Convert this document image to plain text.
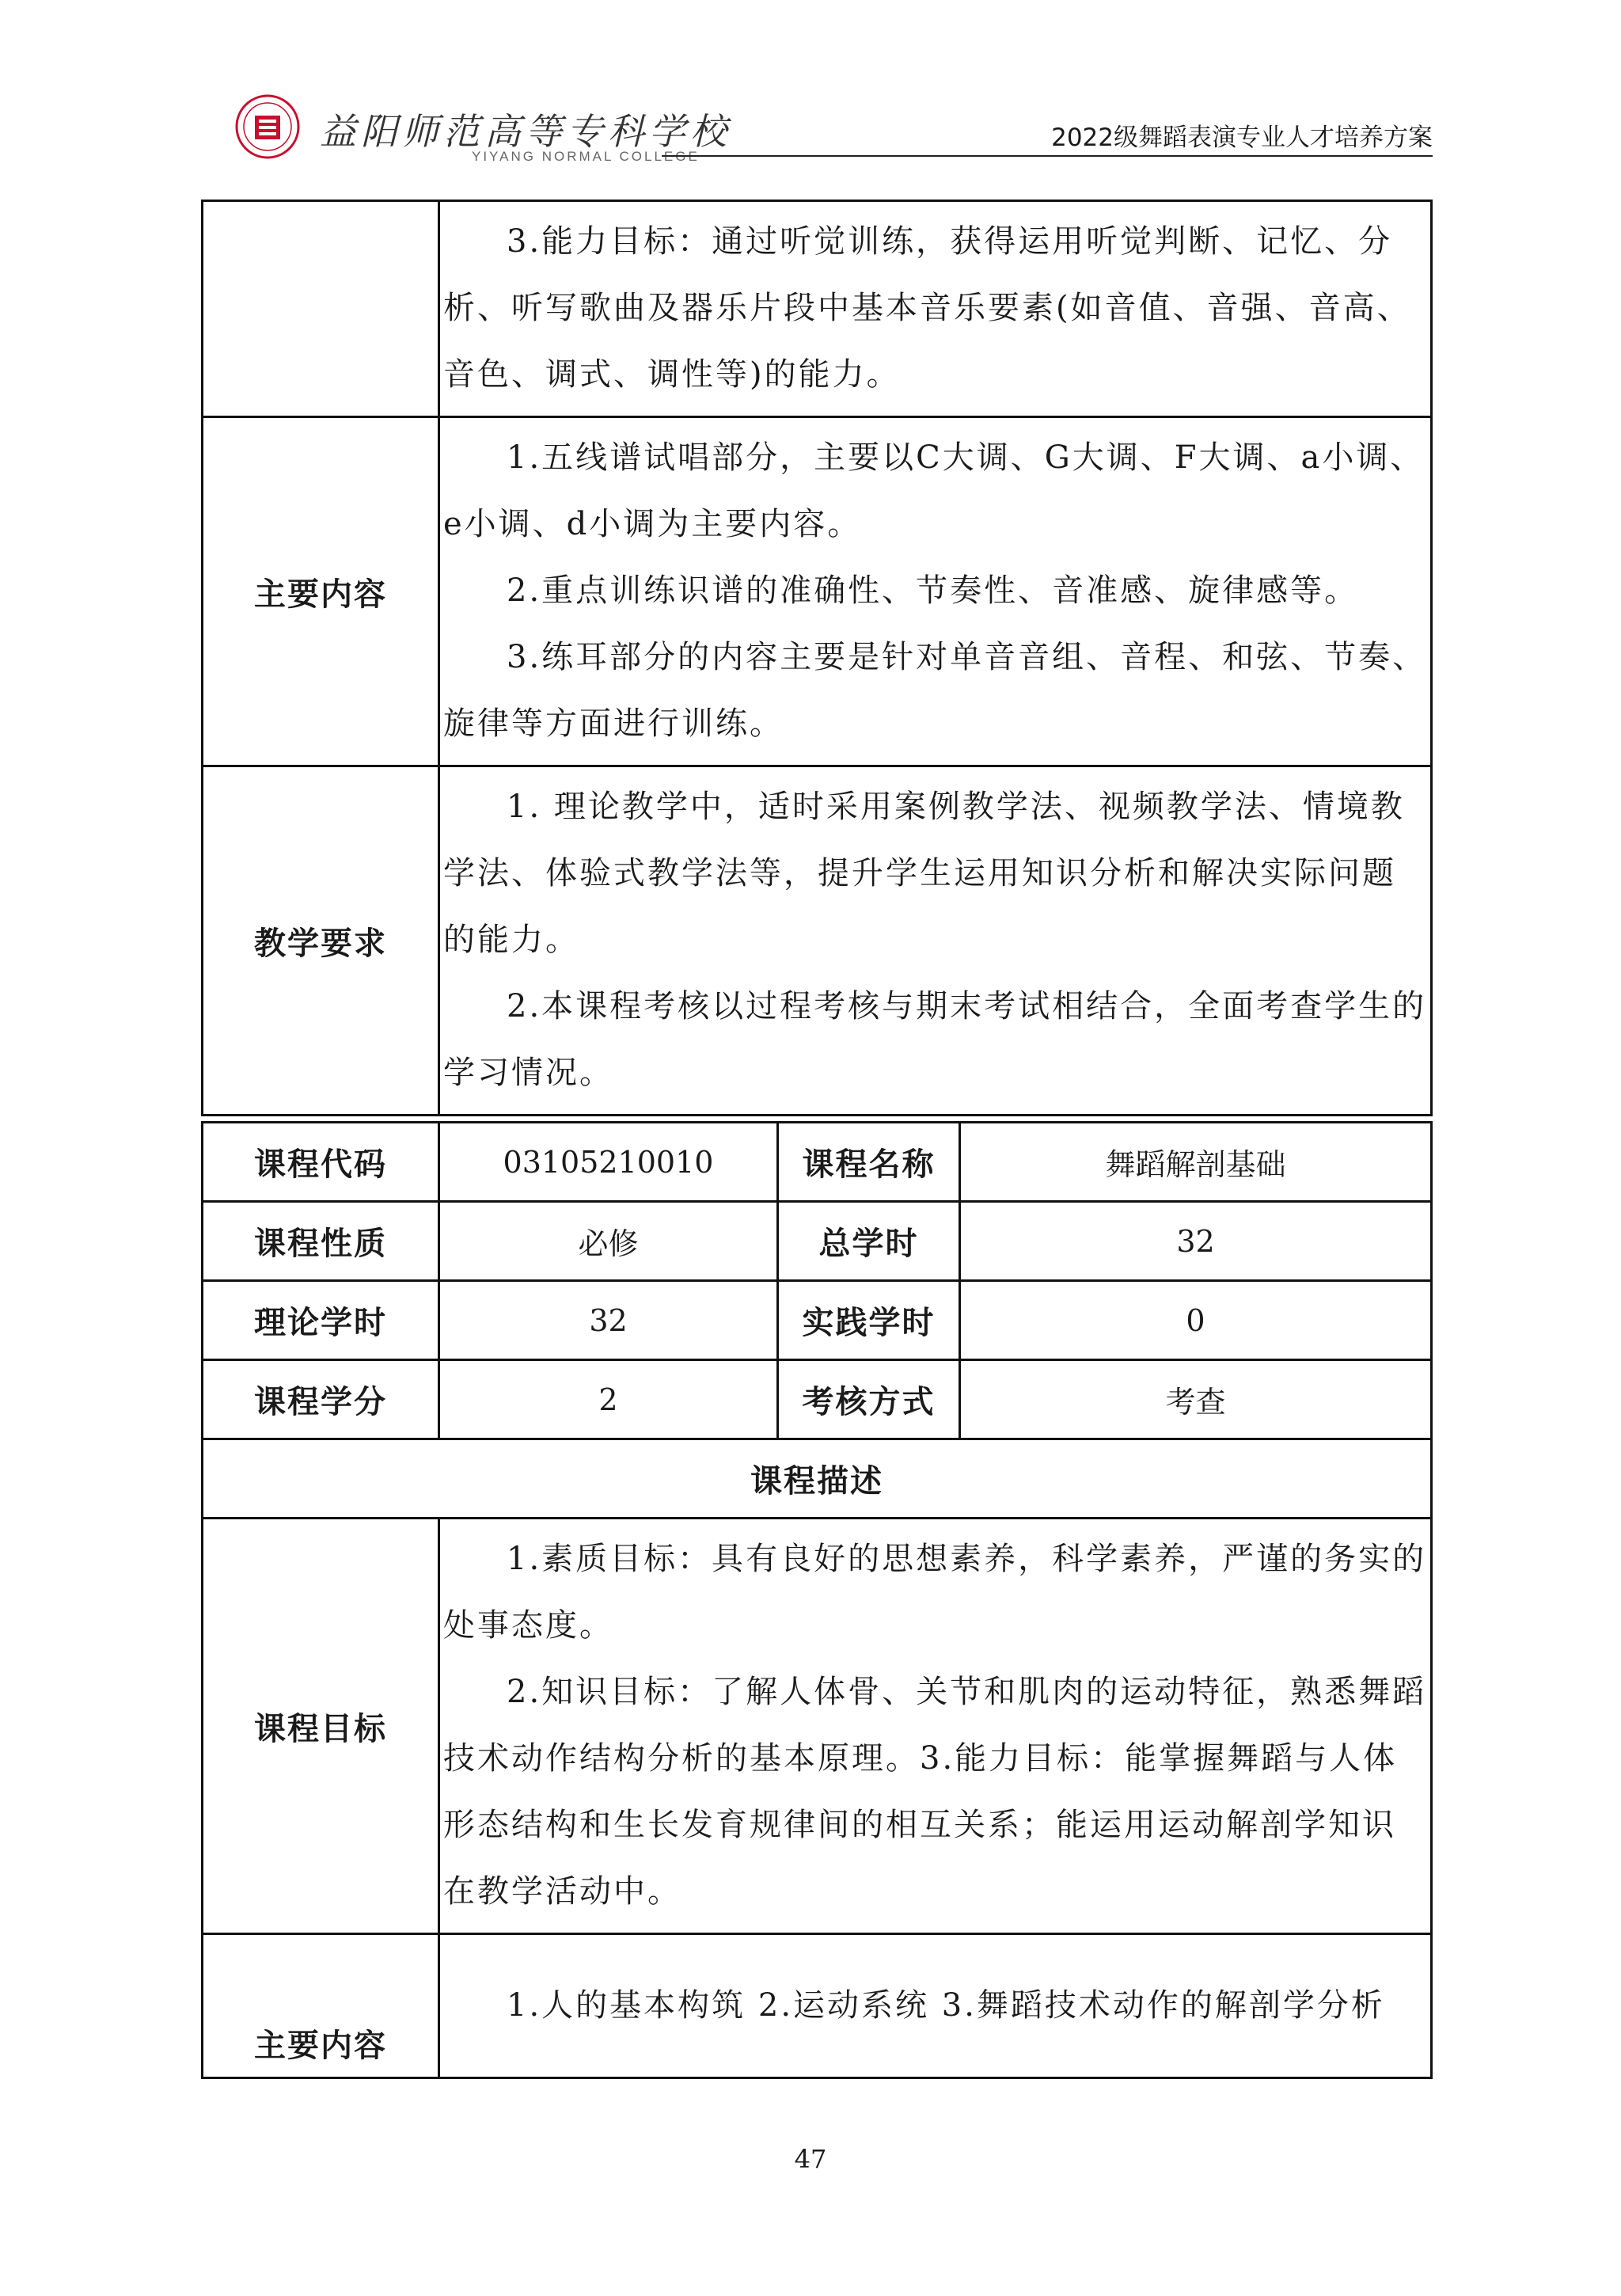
益阳师范高等专科学校
YIYANG NORMAL COLLEGE
2022级舞蹈表演专业人才培养方案

	3.能力目标：通过听觉训练，获得运用听觉判断、记忆、分析、听写歌曲及器乐片段中基本音乐要素(如音值、音强、音高、音色、调式、调性等)的能力。

主要内容	1.五线谱试唱部分，主要以C大调、G大调、F大调、a小调、e小调、d小调为主要内容。

2.重点训练识谱的准确性、节奏性、音准感、旋律感等。

3.练耳部分的内容主要是针对单音音组、音程、和弦、节奏、旋律等方面进行训练。

教学要求	1. 理论教学中，适时采用案例教学法、视频教学法、情境教学法、体验式教学法等，提升学生运用知识分析和解决实际问题的能力。

2.本课程考核以过程考核与期末考试相结合，全面考查学生的学习情况。

课程代码	03105210010	课程名称	舞蹈解剖基础
课程性质	必修	总学时	32
理论学时	32	实践学时	0
课程学分	2	考核方式	考查
课程描述			
课程目标	1.素质目标：具有良好的思想素养，科学素养，严谨的务实的处事态度。

2.知识目标：了解人体骨、关节和肌肉的运动特征，熟悉舞蹈技术动作结构分析的基本原理。3.能力目标：能掌握舞蹈与人体形态结构和生长发育规律间的相互关系；能运用运动解剖学知识在教学活动中。		

主要内容	1.人的基本构筑 2.运动系统 3.舞蹈技术动作的解剖学分析		

47
